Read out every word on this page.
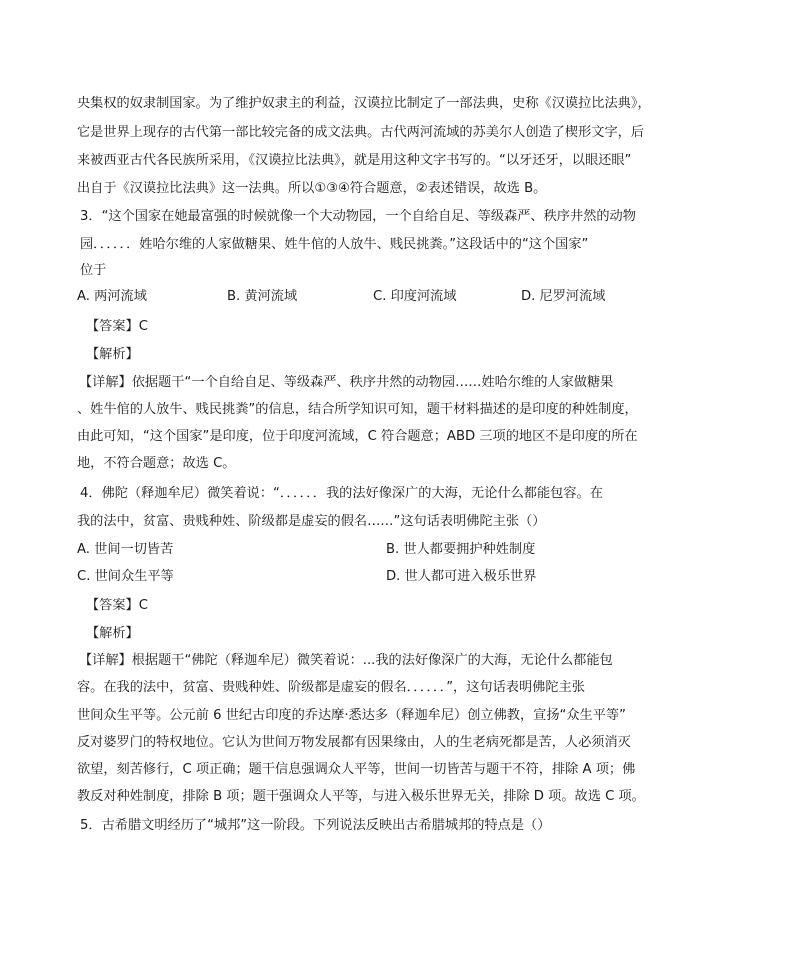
央集权的奴隶制国家。为了维护奴隶主的利益，汉谟拉比制定了一部法典，史称《汉谟拉比法典》，
它是世界上现存的古代第一部比较完备的成文法典。古代两河流域的苏美尔人创造了楔形文字，后
来被西亚古代各民族所采用，《汉谟拉比法典》，就是用这种文字书写的。“以牙还牙，以眼还眼”
出自于《汉谟拉比法典》这一法典。所以①③④符合题意，②表述错误，故选 B。
3．“这个国家在她最富强的时候就像一个大动物园，一个自给自足、等级森严、秩序井然的动物
园．．．．．．姓哈尔维的人家做糖果、姓牛倌的人放牛、贱民挑粪。”这段话中的“这个国家”
位于
A. 两河流域	B. 黄河流域	C. 印度河流域	D. 尼罗河流域
【答案】C
【解析】
【详解】依据题干“一个自给自足、等级森严、秩序井然的动物园……姓哈尔维的人家做糖果
、姓牛倌的人放牛、贱民挑粪”的信息，结合所学知识可知，题干材料描述的是印度的种姓制度，
由此可知，“这个国家”是印度，位于印度河流域，C 符合题意；ABD 三项的地区不是印度的所在
地，不符合题意；故选 C。
4．佛陀（释迦牟尼）微笑着说：“．．．．．．我的法好像深广的大海，无论什么都能包容。在
我的法中，贫富、贵贱种姓、阶级都是虚妄的假名……”这句话表明佛陀主张（）
A. 世间一切皆苦	B. 世人都要拥护种姓制度
C. 世间众生平等	D. 世人都可进入极乐世界
【答案】C
【解析】
【详解】根据题干“佛陀（释迦牟尼）微笑着说：...我的法好像深广的大海，无论什么都能包
容。在我的法中，贫富、贵贱种姓、阶级都是虚妄的假名．．．．．．”，这句话表明佛陀主张
世间众生平等。公元前 6 世纪古印度的乔达摩·悉达多（释迦牟尼）创立佛教，宣扬“众生平等”
反对婆罗门的特权地位。它认为世间万物发展都有因果缘由，人的生老病死都是苦，人必须消灭
欲望，刻苦修行，C 项正确；题干信息强调众人平等，世间一切皆苦与题干不符，排除 A 项；佛
教反对种姓制度，排除 B 项；题干强调众人平等，与进入极乐世界无关，排除 D 项。故选 C 项。
5．古希腊文明经历了“城邦”这一阶段。下列说法反映出古希腊城邦的特点是（）
